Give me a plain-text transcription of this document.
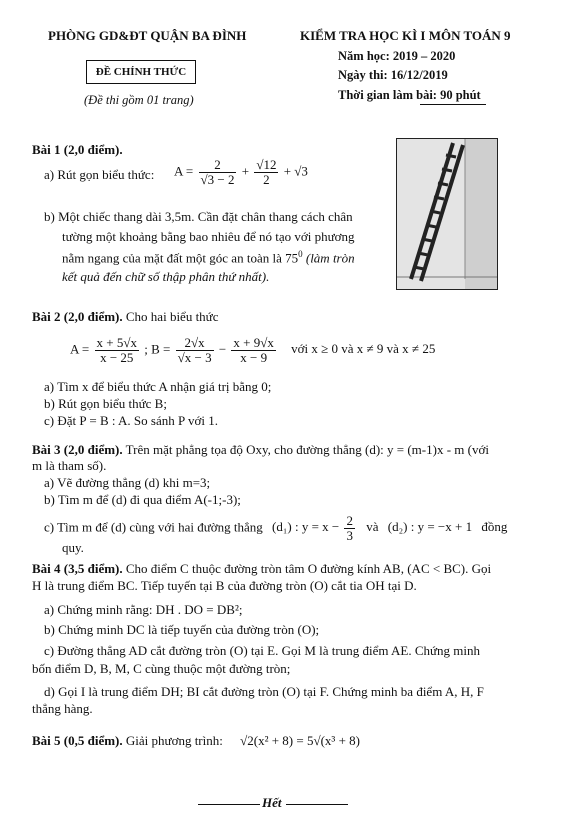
PHÒNG GD&ĐT QUẬN BA ĐÌNH	KIỂM TRA HỌC KÌ I MÔN TOÁN 9
Năm học: 2019 – 2020
Ngày thi: 16/12/2019
Thời gian làm bài: 90 phút
ĐỀ CHÍNH THỨC
(Đề thi gồm 01 trang)
Bài 1 (2,0 điểm).
a) Rút gọn biểu thức: $A = \frac{2}{√3 - 2} + \frac{√12}{2} + √3$
b) Một chiếc thang dài 3,5m. Cần đặt chân thang cách chân
tường một khoảng bằng bao nhiêu để nó tạo với phương
nằm ngang của mặt đất một góc an toàn là $75^0$ (làm tròn
kết quả đến chữ số thập phân thứ nhất).
Bài 2 (2,0 điểm). Cho hai biểu thức
$A = \frac{x + 5√x}{x - 25}$ ; $B = \frac{2√x}{√x - 3} - \frac{x + 9√x}{x - 9}$ với x ≥ 0 và x ≠ 9 và x ≠ 25
a) Tìm x để biểu thức A nhận giá trị bằng 0;
b) Rút gọn biểu thức B;
c) Đặt P = B : A. So sánh P với 1.
Bài 3 (2,0 điểm). Trên mặt phẳng tọa độ Oxy, cho đường thẳng (d): y = (m-1)x - m (với
m là tham số).
a) Vẽ đường thẳng (d) khi m=3;
b) Tìm m để (d) đi qua điểm A(-1;-3);
c) Tìm m để (d) cùng với hai đường thẳng (d₁) : $y = x - \frac{2}{3}$ và (d₂) : y = −x + 1 đồng
quy.
Bài 4 (3,5 điểm). Cho điểm C thuộc đường tròn tâm O đường kính AB, (AC < BC). Gọi
H là trung điểm BC. Tiếp tuyến tại B của đường tròn (O) cắt tia OH tại D.
a) Chứng minh rằng: DH . DO = DB²;
b) Chứng minh DC là tiếp tuyến của đường tròn (O);
c) Đường thẳng AD cắt đường tròn (O) tại E. Gọi M là trung điểm AE. Chứng minh
bốn điểm D, B, M, C cùng thuộc một đường tròn;
d) Gọi I là trung điểm DH; BI cắt đường tròn (O) tại F. Chứng minh ba điểm A, H, F
thẳng hàng.
Bài 5 (0,5 điểm). Giải phương trình: √2(x² + 8) = 5√(x³ + 8)
Hết
